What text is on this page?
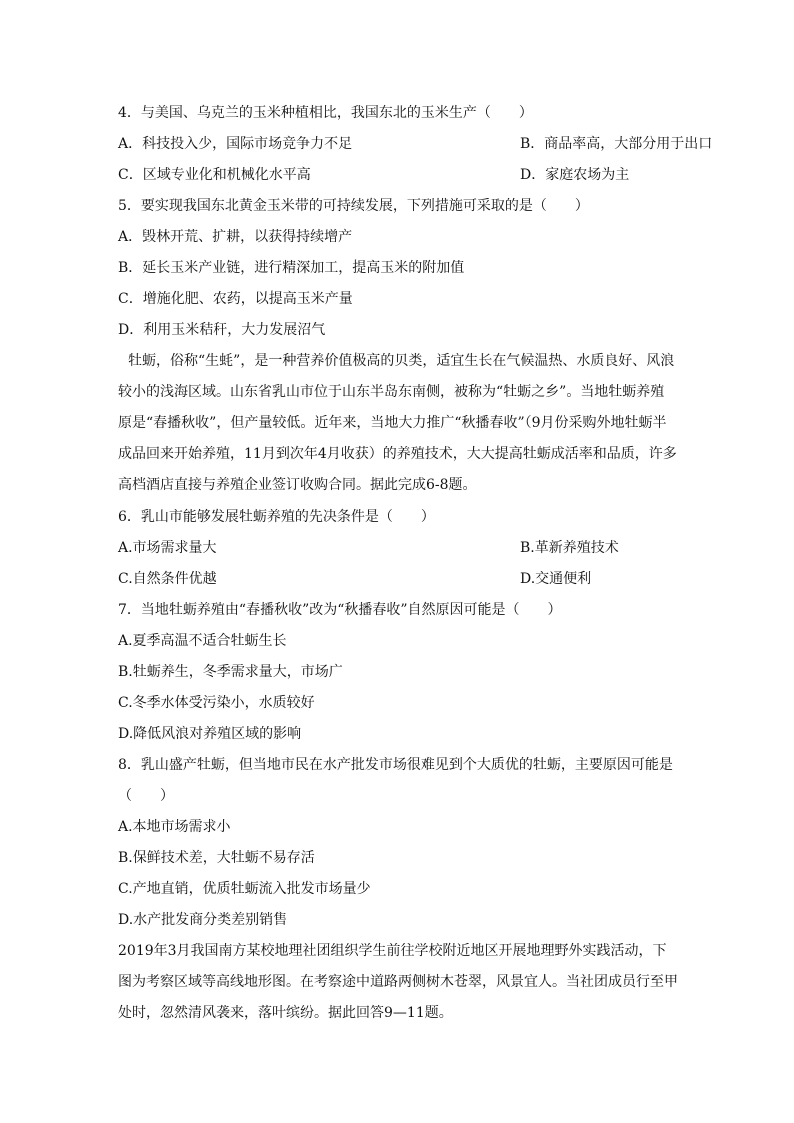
4．与美国、乌克兰的玉米种植相比，我国东北的玉米生产（　　）
A．科技投入少，国际市场竞争力不足	B．商品率高，大部分用于出口
C．区域专业化和机械化水平高	D．家庭农场为主
5．要实现我国东北黄金玉米带的可持续发展，下列措施可采取的是（　　）
A．毁林开荒、扩耕，以获得持续增产
B．延长玉米产业链，进行精深加工，提高玉米的附加值
C．增施化肥、农药，以提高玉米产量
D．利用玉米秸秆，大力发展沼气
牡蛎，俗称“生蚝”，是一种营养价值极高的贝类，适宜生长在气候温热、水质良好、风浪较小的浅海区域。山东省乳山市位于山东半岛东南侧，被称为“牡蛎之乡”。当地牡蛎养殖原是“春播秋收”，但产量较低。近年来，当地大力推广“秋播春收”（9月份采购外地牡蛎半成品回来开始养殖，11月到次年4月收获）的养殖技术，大大提高牡蛎成活率和品质，许多高档酒店直接与养殖企业签订收购合同。据此完成6-8题。
6．乳山市能够发展牡蛎养殖的先决条件是（　　）
A.市场需求量大	B.革新养殖技术
C.自然条件优越	D.交通便利
7．当地牡蛎养殖由“春播秋收”改为“秋播春收”自然原因可能是（　　）
A.夏季高温不适合牡蛎生长
B.牡蛎养生，冬季需求量大，市场广
C.冬季水体受污染小，水质较好
D.降低风浪对养殖区域的影响
8．乳山盛产牡蛎，但当地市民在水产批发市场很难见到个大质优的牡蛎，主要原因可能是
（　　）
A.本地市场需求小
B.保鲜技术差，大牡蛎不易存活
C.产地直销，优质牡蛎流入批发市场量少
D.水产批发商分类差别销售
2019年3月我国南方某校地理社团组织学生前往学校附近地区开展地理野外实践活动，下图为考察区域等高线地形图。在考察途中道路两侧树木苍翠，风景宜人。当社团成员行至甲处时，忽然清风袭来，落叶缤纷。据此回答9—11题。
